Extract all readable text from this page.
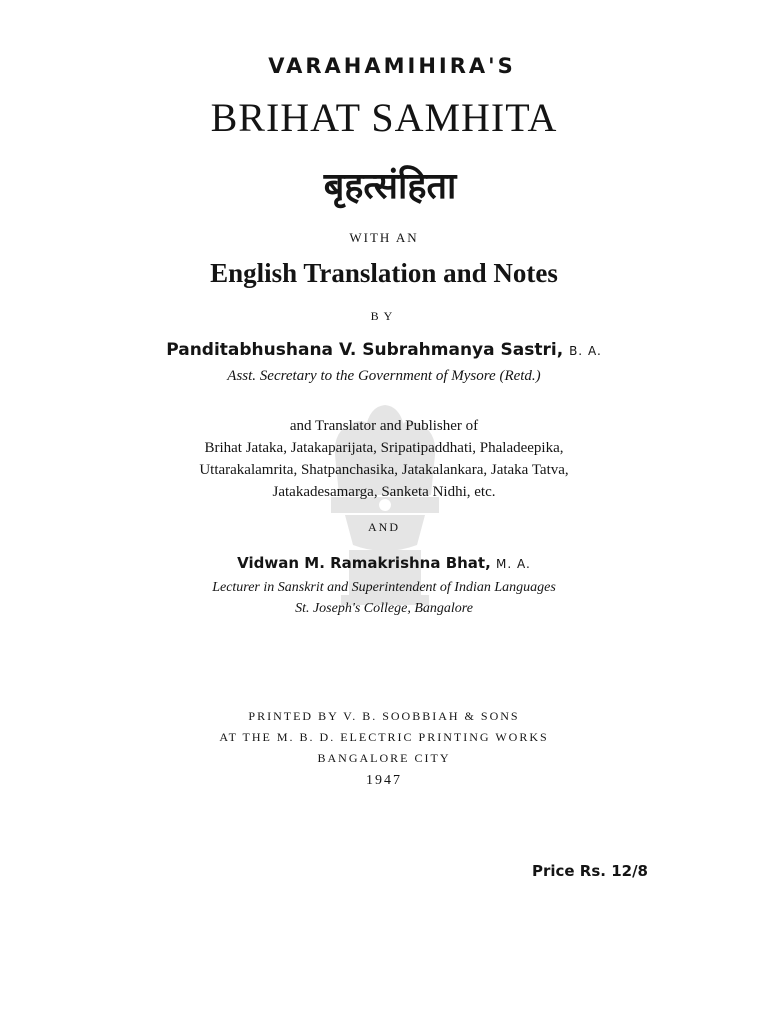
VARAHAMIHIRA'S
BRIHAT SAMHITA
बृहत्संहिता
WITH AN
English Translation and Notes
BY
Panditabhushana V. Subrahmanya Sastri, B. A.
Asst. Secretary to the Government of Mysore (Retd.)
and Translator and Publisher of
Brihat Jataka, Jatakaparijata, Sripatipaddhati, Phaladeepika,
Uttarakalamrita, Shatpanchasika, Jatakalankara, Jataka Tatva,
Jatakadesamarga, Sanketa Nidhi, etc.
AND
Vidwan M. Ramakrishna Bhat, M. A.
Lecturer in Sanskrit and Superintendent of Indian Languages
St. Joseph's College, Bangalore
PRINTED BY V. B. SOOBBIAH & SONS
AT THE M. B. D. ELECTRIC PRINTING WORKS
BANGALORE CITY
1947
Price Rs. 12/8
